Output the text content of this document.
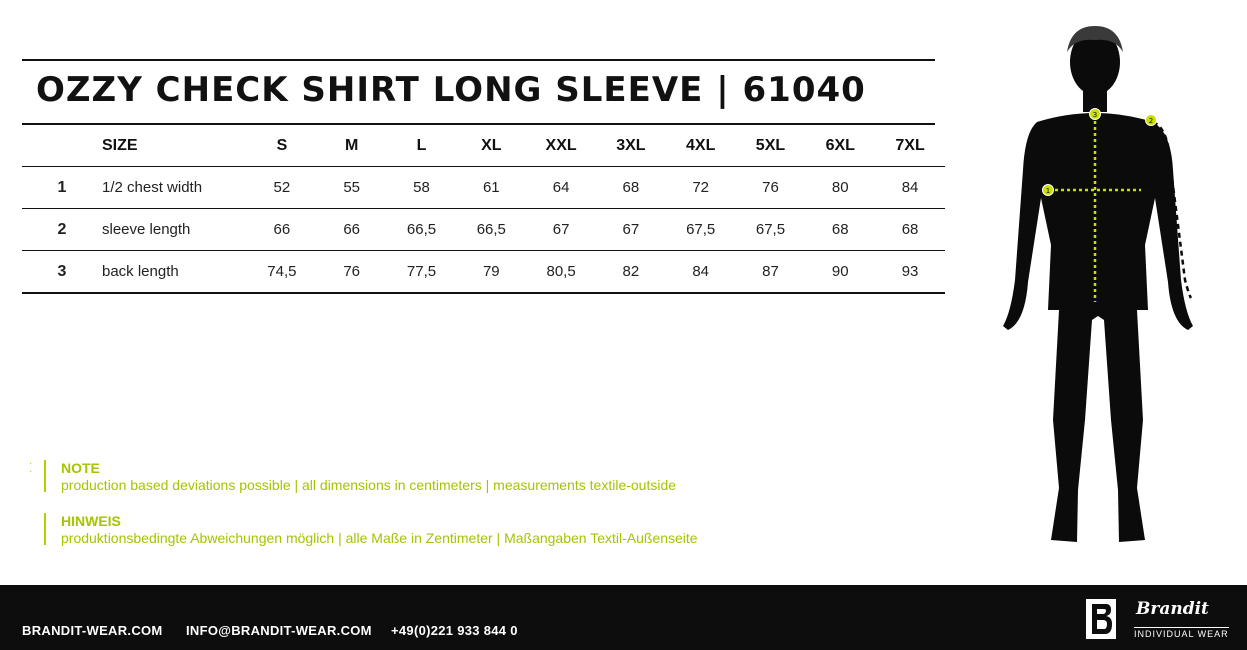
OZZY CHECK SHIRT LONG SLEEVE | 61040
	SIZE	S	M	L	XL	XXL	3XL	4XL	5XL	6XL	7XL
1	1/2 chest width	52	55	58	61	64	68	72	76	80	84
2	sleeve length	66	66	66,5	66,5	67	67	67,5	67,5	68	68
3	back length	74,5	76	77,5	79	80,5	82	84	87	90	93
·
· NOTE
production based deviations possible | all dimensions in centimeters | measurements textile-outside
HINWEIS
produktionsbedingte Abweichungen möglich | alle Maße in Zentimeter | Maßangaben Textil-Außenseite
3
2
1
BRANDIT-WEAR.COM INFO@BRANDIT-WEAR.COM +49(0)221 933 844 0
Brandit
INDIVIDUAL WEAR
